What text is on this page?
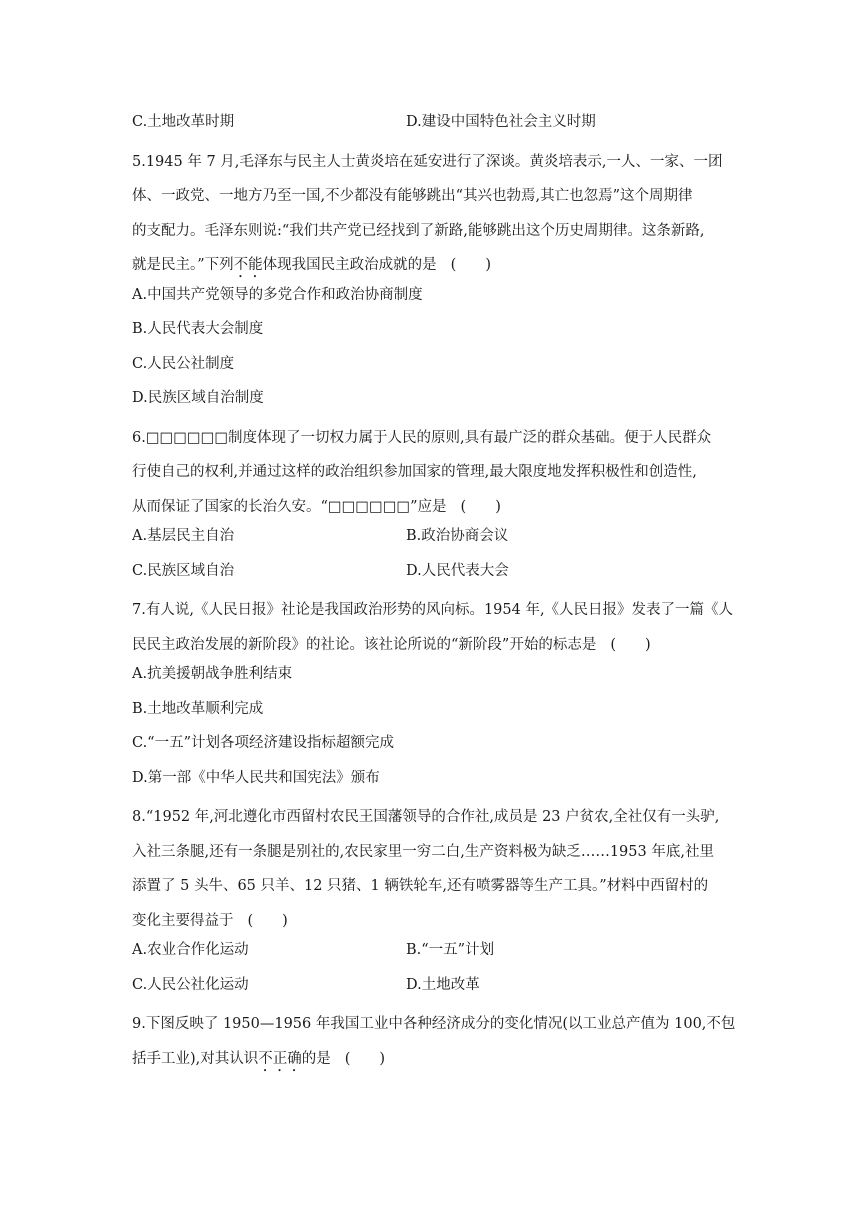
C.土地改革时期	D.建设中国特色社会主义时期
5.1945 年 7 月,毛泽东与民主人士黄炎培在延安进行了深谈。黄炎培表示,一人、一家、一团
体、一政党、一地方乃至一国,不少都没有能够跳出“其兴也勃焉,其亡也忽焉”这个周期律
的支配力。毛泽东则说:“我们共产党已经找到了新路,能够跳出这个历史周期律。这条新路,
就是民主。”下列不能体现我国民主政治成就的是 (　　)
A.中国共产党领导的多党合作和政治协商制度
B.人民代表大会制度
C.人民公社制度
D.民族区域自治制度
6.□□□□□□制度体现了一切权力属于人民的原则,具有最广泛的群众基础。便于人民群众
行使自己的权利,并通过这样的政治组织参加国家的管理,最大限度地发挥积极性和创造性,
从而保证了国家的长治久安。“□□□□□□”应是 (　　)
A.基层民主自治	B.政治协商会议
C.民族区域自治	D.人民代表大会
7.有人说,《人民日报》社论是我国政治形势的风向标。1954 年,《人民日报》发表了一篇《人
民民主政治发展的新阶段》的社论。该社论所说的“新阶段”开始的标志是 (　　)
A.抗美援朝战争胜利结束
B.土地改革顺利完成
C.“一五”计划各项经济建设指标超额完成
D.第一部《中华人民共和国宪法》颁布
8.“1952 年,河北遵化市西留村农民王国藩领导的合作社,成员是 23 户贫农,全社仅有一头驴,
入社三条腿,还有一条腿是别社的,农民家里一穷二白,生产资料极为缺乏……1953 年底,社里
添置了 5 头牛、65 只羊、12 只猪、1 辆铁轮车,还有喷雾器等生产工具。”材料中西留村的
变化主要得益于 (　　)
A.农业合作化运动	B.“一五”计划
C.人民公社化运动	D.土地改革
9.下图反映了 1950—1956 年我国工业中各种经济成分的变化情况(以工业总产值为 100,不包
括手工业),对其认识不正确的是 (　　)
